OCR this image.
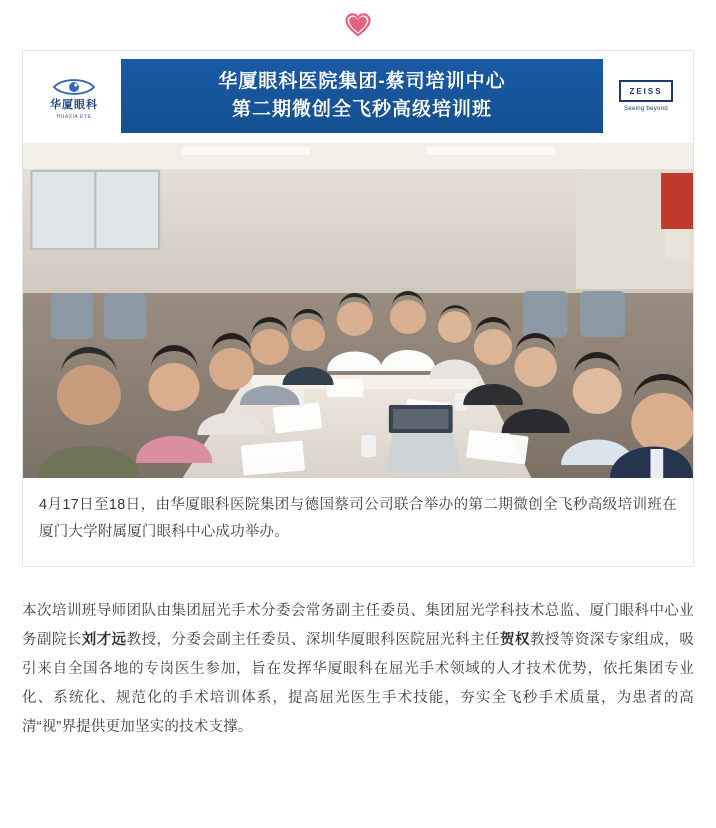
华厦眼科
HUAXIA EYE
华厦眼科医院集团-蔡司培训中心
第二期微创全飞秒高级培训班
ZEISS
Seeing beyond
4月17日至18日，由华厦眼科医院集团与德国蔡司公司联合举办的第二期微创全飞秒高级培训班在厦门大学附属厦门眼科中心成功举办。
本次培训班导师团队由集团屈光手术分委会常务副主任委员、集团屈光学科技术总监、厦门眼科中心业务副院长刘才远教授，分委会副主任委员、深圳华厦眼科医院屈光科主任贺权教授等资深专家组成，吸引来自全国各地的专岗医生参加，旨在发挥华厦眼科在屈光手术领域的人才技术优势，依托集团专业化、系统化、规范化的手术培训体系，提高屈光医生手术技能，夯实全飞秒手术质量，为患者的高清“视”界提供更加坚实的技术支撑。
